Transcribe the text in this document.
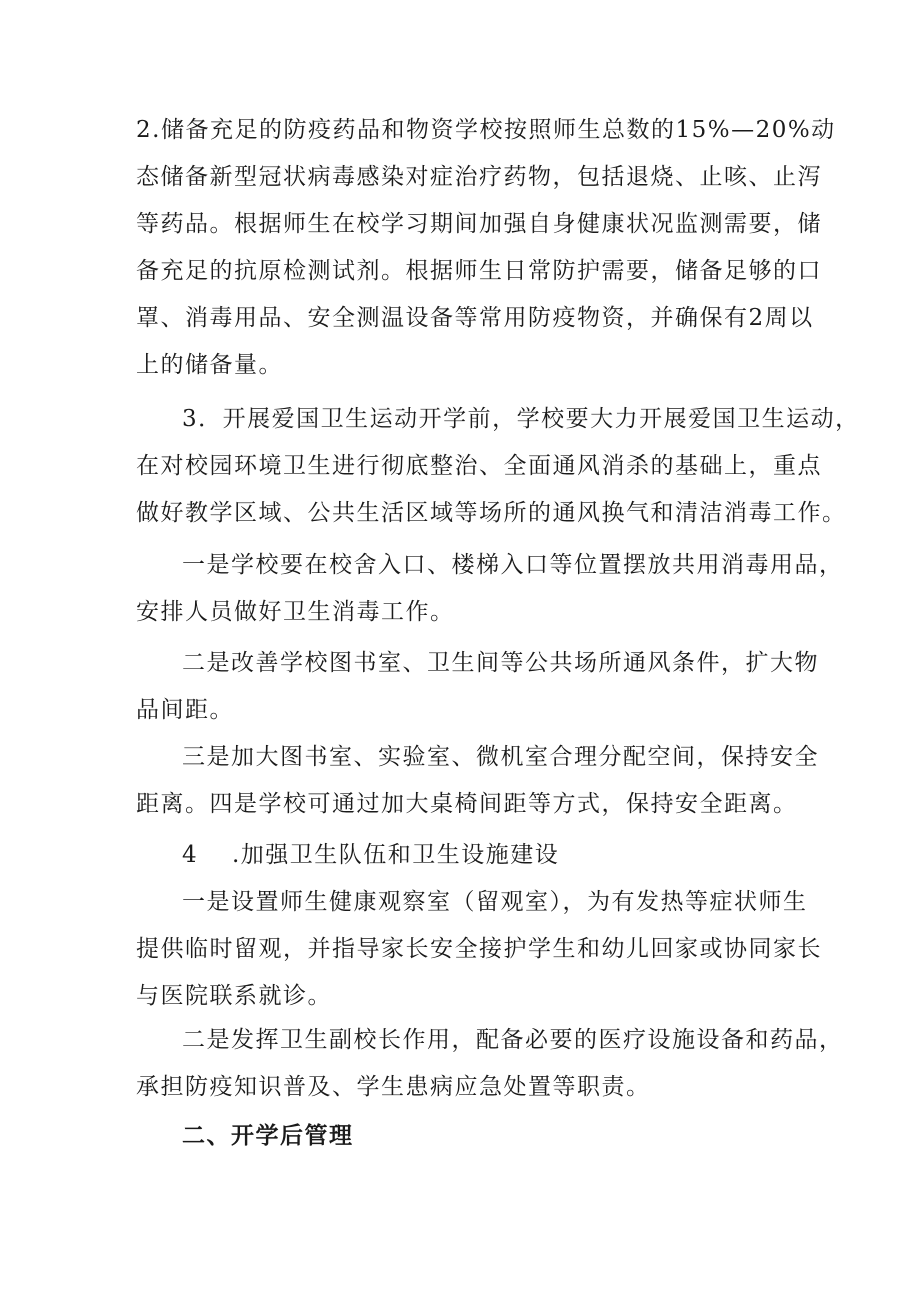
2.储备充足的防疫药品和物资学校按照师生总数的15%—20%动
态储备新型冠状病毒感染对症治疗药物，包括退烧、止咳、止泻
等药品。根据师生在校学习期间加强自身健康状况监测需要，储
备充足的抗原检测试剂。根据师生日常防护需要，储备足够的口
罩、消毒用品、安全测温设备等常用防疫物资，并确保有2周以
上的储备量。

3．开展爱国卫生运动开学前，学校要大力开展爱国卫生运动，
在对校园环境卫生进行彻底整治、全面通风消杀的基础上，重点
做好教学区域、公共生活区域等场所的通风换气和清洁消毒工作。

一是学校要在校舍入口、楼梯入口等位置摆放共用消毒用品，
安排人员做好卫生消毒工作。

二是改善学校图书室、卫生间等公共场所通风条件，扩大物
品间距。

三是加大图书室、实验室、微机室合理分配空间，保持安全
距离。四是学校可通过加大桌椅间距等方式，保持安全距离。

4 .加强卫生队伍和卫生设施建设

一是设置师生健康观察室（留观室），为有发热等症状师生
提供临时留观，并指导家长安全接护学生和幼儿回家或协同家长
与医院联系就诊。

二是发挥卫生副校长作用，配备必要的医疗设施设备和药品，
承担防疫知识普及、学生患病应急处置等职责。

二、开学后管理
